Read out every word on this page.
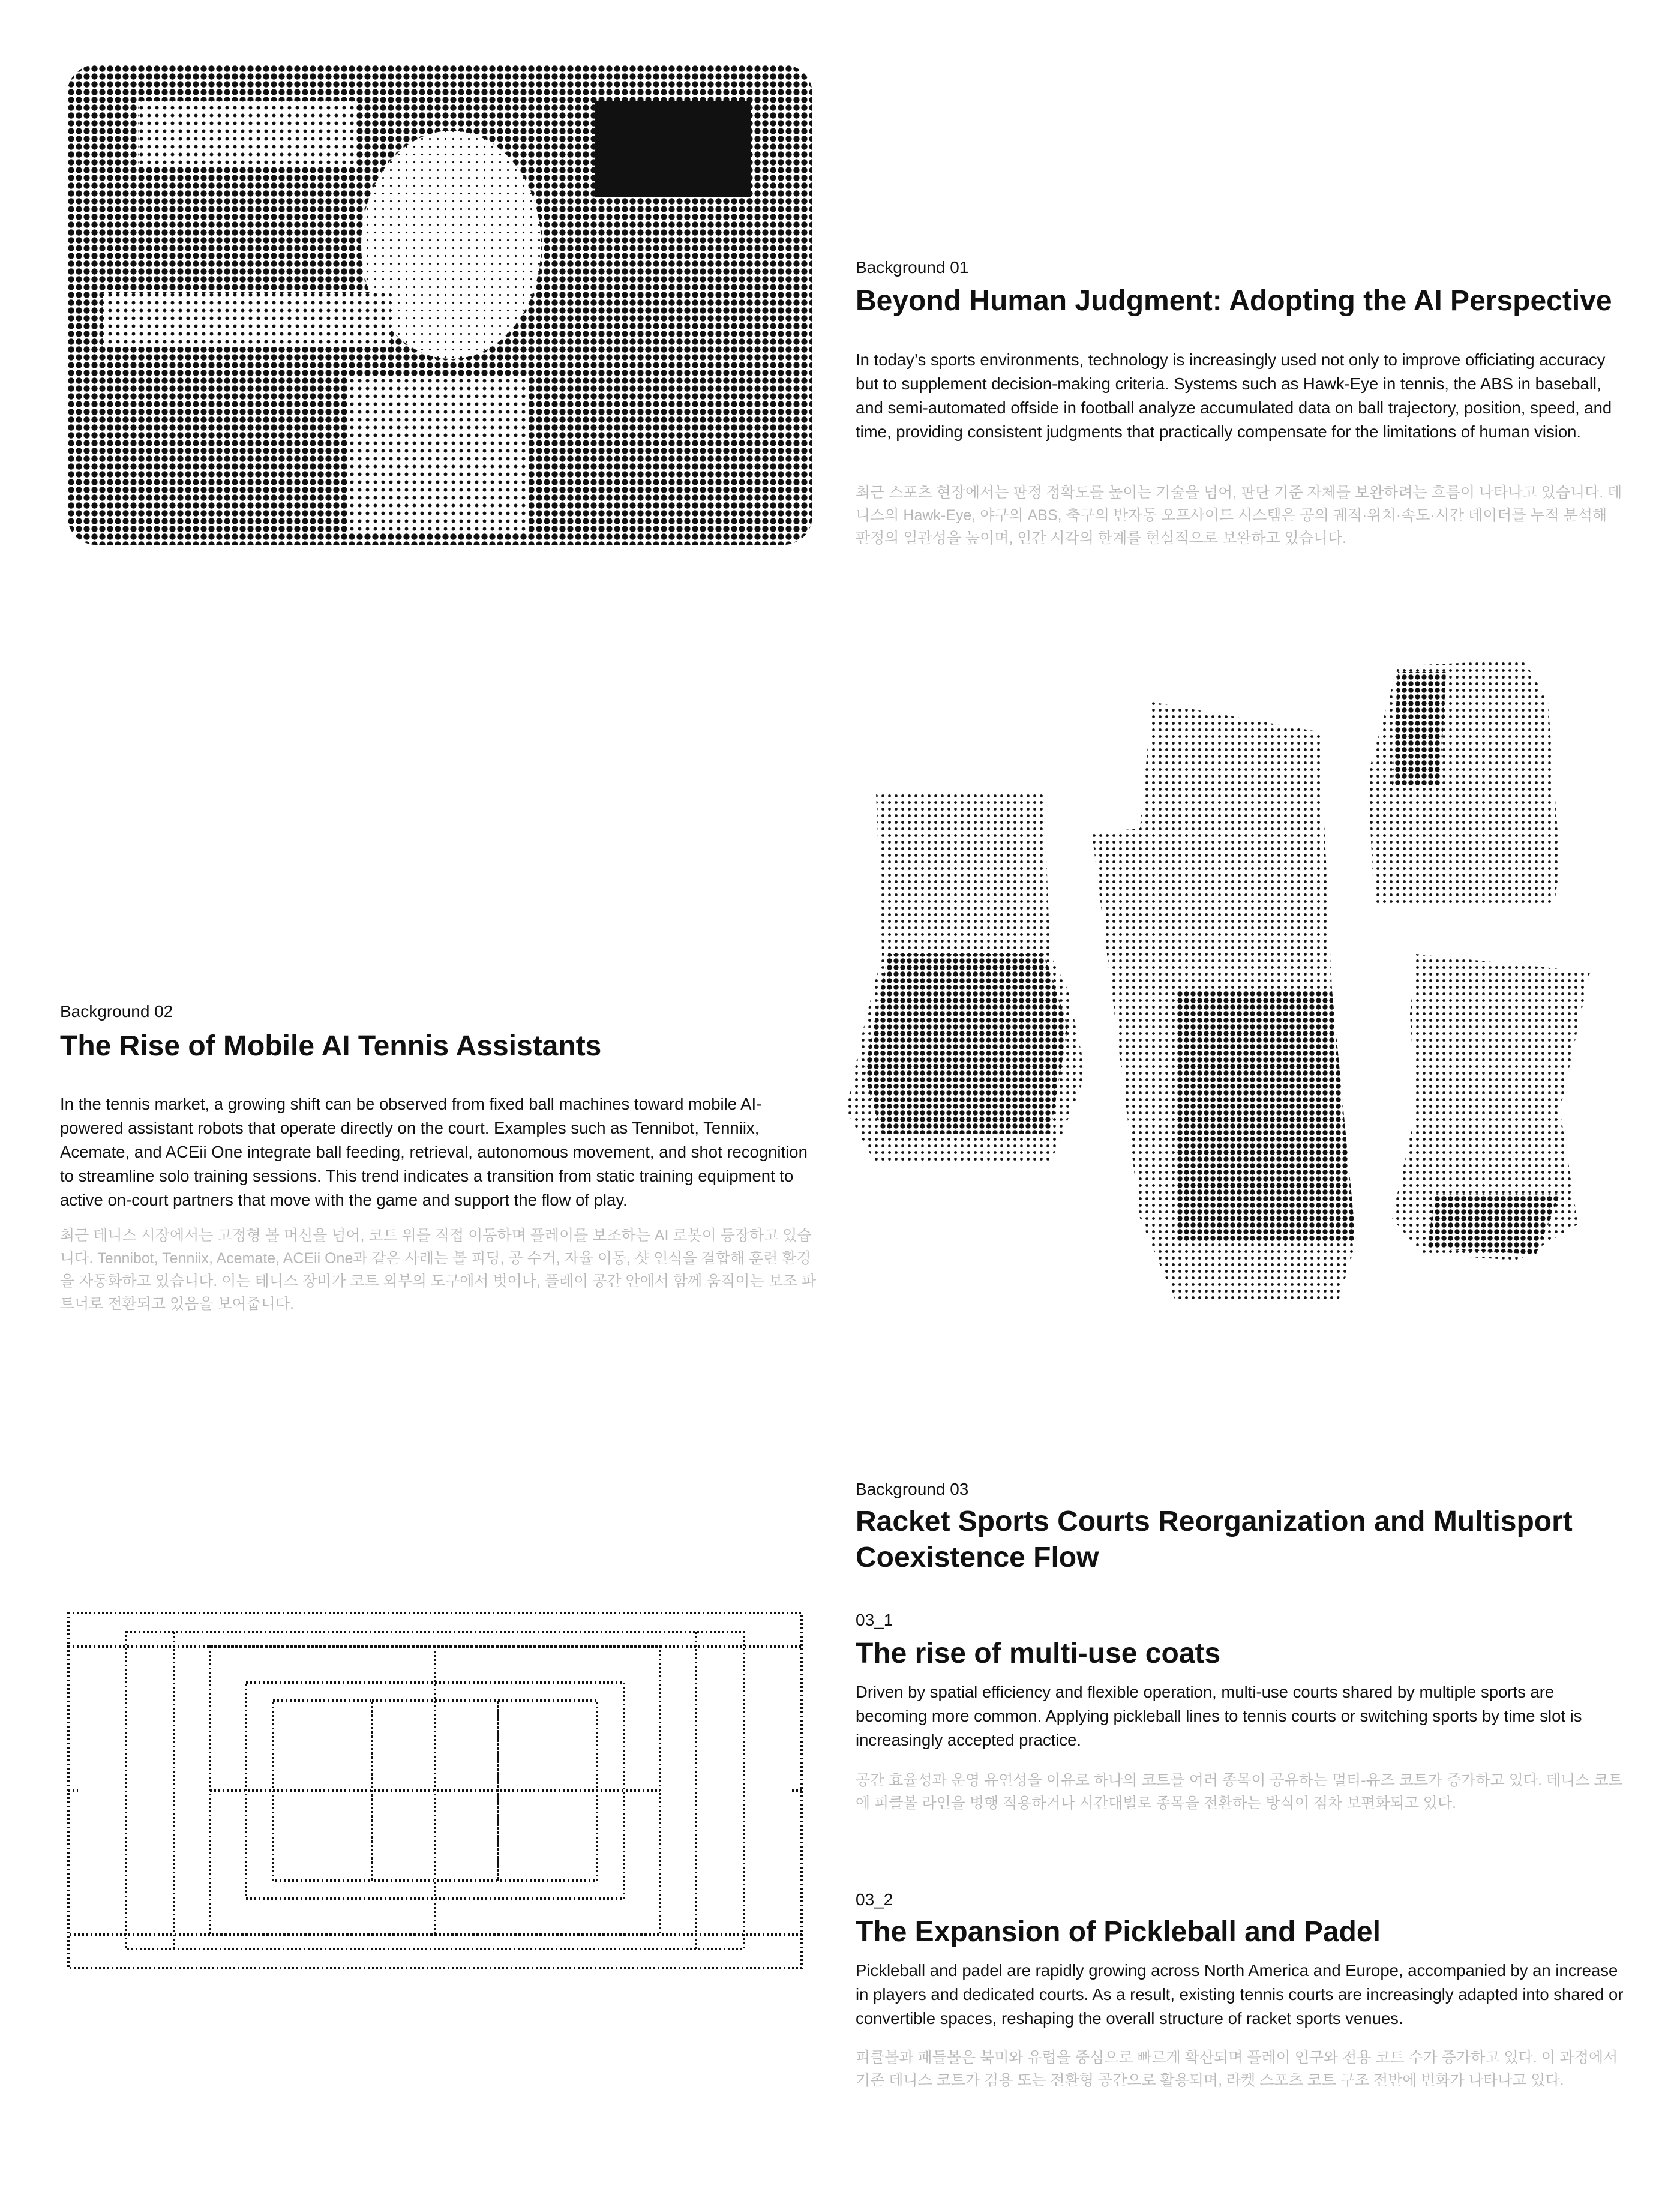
Background 01
Beyond Human Judgment: Adopting the AI Perspective

In today’s sports environments, technology is increasingly used not only to improve officiating accuracy but to supplement decision-making criteria. Systems such as Hawk-Eye in tennis, the ABS in baseball, and semi-automated offside in football analyze accumulated data on ball trajectory, position, speed, and time, providing consistent judgments that practically compensate for the limitations of human vision.

최근 스포츠 현장에서는 판정 정확도를 높이는 기술을 넘어, 판단 기준 자체를 보완하려는 흐름이 나타나고 있습니다. 테니스의 Hawk-Eye, 야구의 ABS, 축구의 반자동 오프사이드 시스템은 공의 궤적·위치·속도·시간 데이터를 누적 분석해 판정의 일관성을 높이며, 인간 시각의 한계를 현실적으로 보완하고 있습니다.

Background 02
The Rise of Mobile AI Tennis Assistants

In the tennis market, a growing shift can be observed from fixed ball machines toward mobile AI-powered assistant robots that operate directly on the court. Examples such as Tennibot, Tenniix, Acemate, and ACEii One integrate ball feeding, retrieval, autonomous movement, and shot recognition to streamline solo training sessions. This trend indicates a transition from static training equipment to active on-court partners that move with the game and support the flow of play.

최근 테니스 시장에서는 고정형 볼 머신을 넘어, 코트 위를 직접 이동하며 플레이를 보조하는 AI 로봇이 등장하고 있습니다. Tennibot, Tenniix, Acemate, ACEii One과 같은 사례는 볼 피딩, 공 수거, 자율 이동, 샷 인식을 결합해 훈련 환경을 자동화하고 있습니다. 이는 테니스 장비가 코트 외부의 도구에서 벗어나, 플레이 공간 안에서 함께 움직이는 보조 파트너로 전환되고 있음을 보여줍니다.

Background 03
Racket Sports Courts Reorganization and Multisport Coexistence Flow
03_1
The rise of multi-use coats

Driven by spatial efficiency and flexible operation, multi-use courts shared by multiple sports are becoming more common. Applying pickleball lines to tennis courts or switching sports by time slot is increasingly accepted practice.

공간 효율성과 운영 유연성을 이유로 하나의 코트를 여러 종목이 공유하는 멀티-유즈 코트가 증가하고 있다. 테니스 코트에 피클볼 라인을 병행 적용하거나 시간대별로 종목을 전환하는 방식이 점차 보편화되고 있다.

03_2
The Expansion of Pickleball and Padel

Pickleball and padel are rapidly growing across North America and Europe, accompanied by an increase in players and dedicated courts. As a result, existing tennis courts are increasingly adapted into shared or convertible spaces, reshaping the overall structure of racket sports venues.

피클볼과 패들볼은 북미와 유럽을 중심으로 빠르게 확산되며 플레이 인구와 전용 코트 수가 증가하고 있다. 이 과정에서 기존 테니스 코트가 겸용 또는 전환형 공간으로 활용되며, 라켓 스포츠 코트 구조 전반에 변화가 나타나고 있다.
